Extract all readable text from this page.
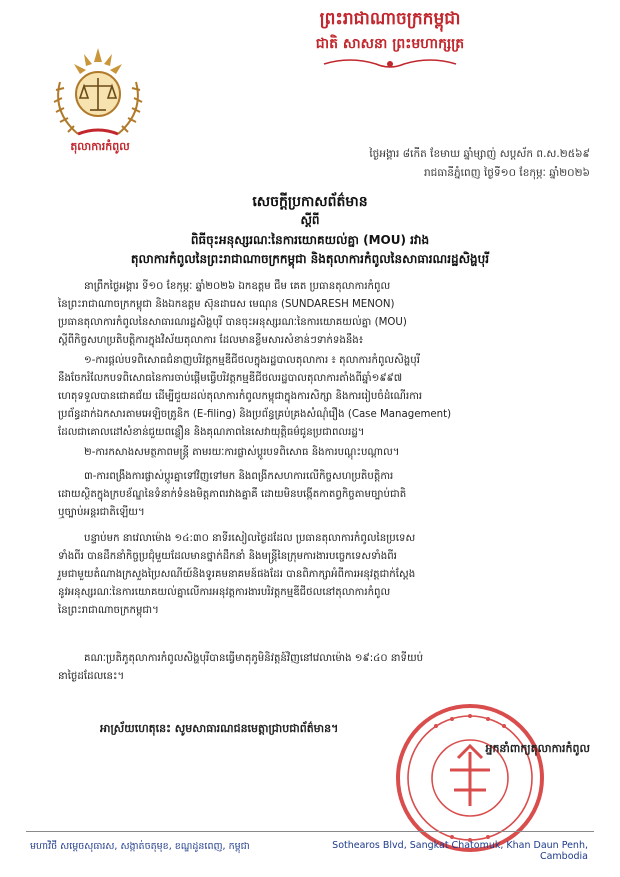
តុលាការកំពូល
ព្រះរាជាណាចក្រកម្ពុជា
ជាតិ សាសនា ព្រះមហាក្សត្រ
ថ្ងៃអង្គារ ៨កេីត ខែមាឃ ឆ្នាំម្សាញ់ សប្តស័ក ព.ស.២៥៦៩
រាជធានីភ្នំពេញ ថ្ងៃទី១០ ខែកុម្ភៈ ឆ្នាំ២០២៦
សេចក្តីប្រកាសព័ត៌មាន
ស្តីពី
ពិធីចុះអនុស្សរណៈនៃការយោគយល់គ្នា (MOU) រវាង
តុលាការកំពូលនៃព្រះរាជាណាចក្រកម្ពុជា និងតុលាការកំពូលនៃសាធារណរដ្ឋសិង្ហបុរី
នាព្រឹកថ្ងៃអង្គារ ទី១០ ខែកុម្ភៈ ឆ្នាំ២០២៦ ឯកឧត្តម ជឹម គេត ប្រធានតុលាការកំពូល
នៃព្រះរាជាណាចក្រកម្ពុជា និងឯកឧត្តម ស៊ុនដារេស មេណុន (SUNDARESH MENON)
ប្រធានតុលាការកំពូលនៃសាធារណរដ្ឋសិង្ហបុរី បានចុះអនុស្សរណៈនៃការយោគយល់គ្នា (MOU)
ស្តីពីកិច្ចសហប្រតិបត្តិការក្នុងវិស័យតុលាការ ដែលមានខ្លឹមសារសំខាន់ៗទាក់ទងនឹង៖
១-ការផ្តល់បទពិសោធជំនាញបរិវត្តកម្មឌីជីថលក្នុងរដ្ឋបាលតុលាការ ៖ តុលាការកំពូលសិង្ហបុរី
នឹងចែករំលែកបទពិសោធនៃការចាប់ផ្តើមធ្វើបរិវត្តកម្មឌីជីថលរដ្ឋបាលតុលាការតាំងពីឆ្នាំ១៩៩៧
ហេតុទទួលបានជោគជ័យ ដើម្បីជួយដល់តុលាការកំពូលកម្ពុជាក្នុងការសិក្សា និងការរៀបចំដំណើរការ
ប្រព័ន្ធដាក់ឯកសារតាមអេឡិចត្រូនិក (E-filing) និងប្រព័ន្ធគ្រប់គ្រងសំណុំរឿង (Case Management)
ដែលជាគោលដៅសំខាន់ជួយពន្លឿន និងគុណភាពនៃសេវាយុត្តិធម៌ជូនប្រជាពលរដ្ឋ។
២-ការកសាងសមត្ថភាពមន្ត្រី តាមរយៈការផ្លាស់ប្តូរបទពិសោធ និងការបណ្តុះបណ្តាល។
៣-ការពង្រឹងការផ្លាស់ប្តូរគ្នាទៅវិញទៅមក និងពង្រីកសហការលើកិច្ចសហប្រតិបត្តិការ
ដោយស្ថិតក្នុងក្របខ័ណ្ឌនៃទំនាក់ទំនងមិត្តភាពរវាងគ្នាគឺ ដោយមិនបង្កើតកាតព្វកិច្ចតាមច្បាប់ជាតិ
ឬច្បាប់អន្តរជាតិឡើយ។
បន្ទាប់មក នាវេលាម៉ោង ១៤:៣០ នាទីរសៀលថ្ងៃដដែល ប្រធានតុលាការកំពូលនៃប្រទេស
ទាំងពីរ បានដឹកនាំកិច្ចប្រជុំមួយដែលមានថ្នាក់ដឹកនាំ និងមន្ត្រីនៃក្រុមការងារបច្ចេកទេសទាំងពីរ
រួមជាមួយតំណាងក្រសួងប្រៃសណីយ៍និងទូរគមនាគមន៍ផងដែរ បានពិភាក្សាអំពីការអនុវត្តជាក់ស្តែង
នូវអនុស្សរណៈនៃការយោគយល់គ្នាលើការអនុវត្តការងារបរិវត្តកម្មឌីជីថលនៅតុលាការកំពូល
នៃព្រះរាជាណាចក្រកម្ពុជា។
គណៈប្រតិភូតុលាការកំពូលសិង្ហបុរីបានធ្វើមាតុភូមិនិវត្តន៍វិញនៅវេលាម៉ោង ១៩:៤០ នាទីយប់
នាថ្ងៃដដែលនេះ។
អាស្រ័យហេតុនេះ សូមសាធារណជនមេត្តាជ្រាបជាព័ត៌មាន។
អ្នកនាំពាក្យតុលាការកំពូល
មហាវិថី សម្តេចសុធារស, សង្កាត់ចតុមុខ, ខណ្ឌដូនពេញ, កម្ពុជា	Sothearos Blvd, Sangkat Chatomuk, Khan Daun Penh, Cambodia
